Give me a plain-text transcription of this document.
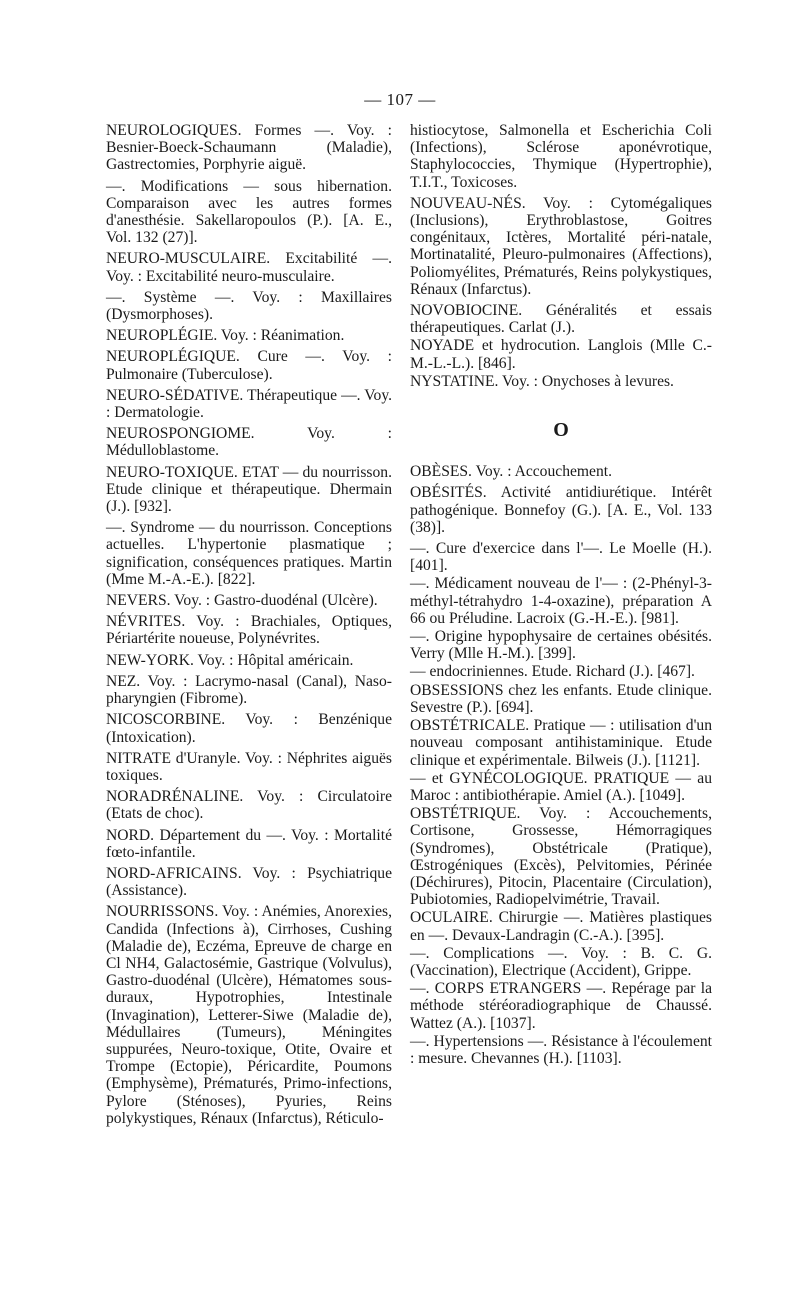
— 107 —

NEUROLOGIQUES. Formes —. Voy. : Besnier-Boeck-Schaumann (Maladie), Gastrectomies, Porphyrie aiguë.

—. Modifications — sous hibernation. Comparaison avec les autres formes d'anesthésie. Sakellaropoulos (P.). [A. E., Vol. 132 (27)].

NEURO-MUSCULAIRE. Excitabilité —. Voy. : Excitabilité neuro-musculaire.

—. Système —. Voy. : Maxillaires (Dysmorphoses).

NEUROPLÉGIE. Voy. : Réanimation.

NEUROPLÉGIQUE. Cure —. Voy. : Pulmonaire (Tuberculose).

NEURO-SÉDATIVE. Thérapeutique —. Voy. : Dermatologie.

NEUROSPONGIOME. Voy. : Médulloblastome.

NEURO-TOXIQUE. ETAT — du nourrisson. Etude clinique et thérapeutique. Dhermain (J.). [932].

—. Syndrome — du nourrisson. Conceptions actuelles. L'hypertonie plasmatique ; signification, conséquences pratiques. Martin (Mme M.-A.-E.). [822].

NEVERS. Voy. : Gastro-duodénal (Ulcère).

NÉVRITES. Voy. : Brachiales, Optiques, Périartérite noueuse, Polynévrites.

NEW-YORK. Voy. : Hôpital américain.

NEZ. Voy. : Lacrymo-nasal (Canal), Naso-pharyngien (Fibrome).

NICOSCORBINE. Voy. : Benzénique (Intoxication).

NITRATE d'Uranyle. Voy. : Néphrites aiguës toxiques.

NORADRÉNALINE. Voy. : Circulatoire (Etats de choc).

NORD. Département du —. Voy. : Mortalité fœto-infantile.

NORD-AFRICAINS. Voy. : Psychiatrique (Assistance).

NOURRISSONS. Voy. : Anémies, Anorexies, Candida (Infections à), Cirrhoses, Cushing (Maladie de), Eczéma, Epreuve de charge en Cl NH4, Galactosémie, Gastrique (Volvulus), Gastro-duodénal (Ulcère), Hématomes sous-duraux, Hypotrophies, Intestinale (Invagination), Letterer-Siwe (Maladie de), Médullaires (Tumeurs), Méningites suppurées, Neuro-toxique, Otite, Ovaire et Trompe (Ectopie), Péricardite, Poumons (Emphysème), Prématurés, Primo-infections, Pylore (Sténoses), Pyuries, Reins polykystiques, Rénaux (Infarctus), Réticulo-

histiocytose, Salmonella et Escherichia Coli (Infections), Sclérose aponévrotique, Staphylococcies, Thymique (Hypertrophie), T.I.T., Toxicoses.

NOUVEAU-NÉS. Voy. : Cytomégaliques (Inclusions), Erythroblastose, Goitres congénitaux, Ictères, Mortalité péri-natale, Mortinatalité, Pleuro-pulmonaires (Affections), Poliomyélites, Prématurés, Reins polykystiques, Rénaux (Infarctus).

NOVOBIOCINE. Généralités et essais thérapeutiques. Carlat (J.).

NOYADE et hydrocution. Langlois (Mlle C.-M.-L.-L.). [846].

NYSTATINE. Voy. : Onychoses à levures.

O

OBÈSES. Voy. : Accouchement.

OBÉSITÉS. Activité antidiurétique. Intérêt pathogénique. Bonnefoy (G.). [A. E., Vol. 133 (38)].

—. Cure d'exercice dans l'—. Le Moelle (H.). [401].

—. Médicament nouveau de l'— : (2-Phényl-3-méthyl-tétrahydro 1-4-oxazine), préparation A 66 ou Préludine. Lacroix (G.-H.-E.). [981].

—. Origine hypophysaire de certaines obésités. Verry (Mlle H.-M.). [399].

— endocriniennes. Etude. Richard (J.). [467].

OBSESSIONS chez les enfants. Etude clinique. Sevestre (P.). [694].

OBSTÉTRICALE. Pratique — : utilisation d'un nouveau composant antihistaminique. Etude clinique et expérimentale. Bilweis (J.). [1121].

— et GYNÉCOLOGIQUE. PRATIQUE — au Maroc : antibiothérapie. Amiel (A.). [1049].

OBSTÉTRIQUE. Voy. : Accouchements, Cortisone, Grossesse, Hémorragiques (Syndromes), Obstétricale (Pratique), Œstrogéniques (Excès), Pelvitomies, Périnée (Déchirures), Pitocin, Placentaire (Circulation), Pubiotomies, Radiopelvimétrie, Travail.

OCULAIRE. Chirurgie —. Matières plastiques en —. Devaux-Landragin (C.-A.). [395].

—. Complications —. Voy. : B. C. G. (Vaccination), Electrique (Accident), Grippe.

—. CORPS ETRANGERS —. Repérage par la méthode stéréoradiographique de Chaussé. Wattez (A.). [1037].

—. Hypertensions —. Résistance à l'écoulement : mesure. Chevannes (H.). [1103].
